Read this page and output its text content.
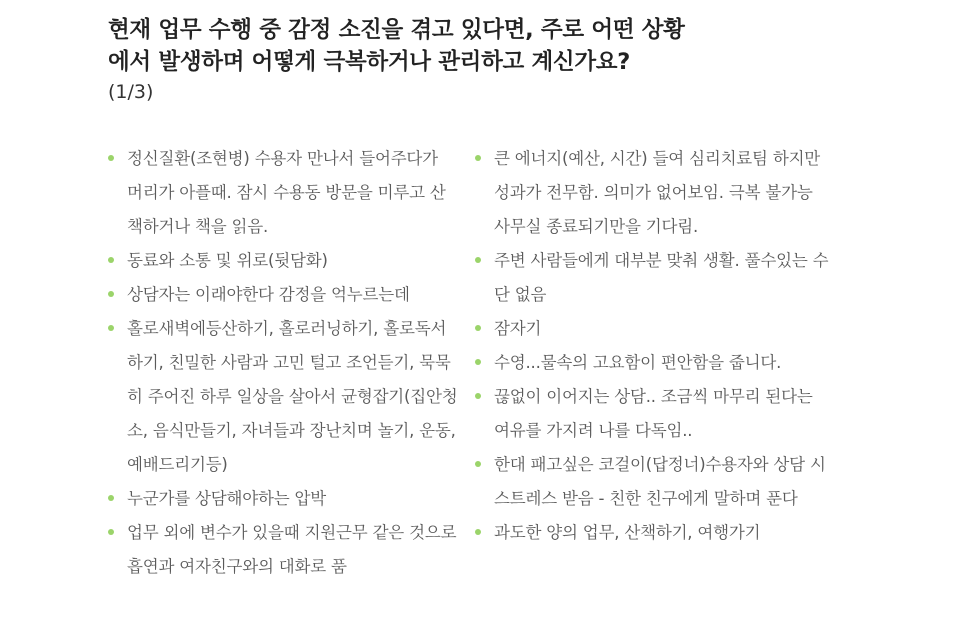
현재 업무 수행 중 감정 소진을 겪고 있다면, 주로 어떤 상황
에서 발생하며 어떻게 극복하거나 관리하고 계신가요?
(1/3)
정신질환(조현병) 수용자 만나서 들어주다가 머리가 아플때. 잠시 수용동 방문을 미루고 산책하거나 책을 읽음.
동료와 소통 및 위로(뒷담화)
상담자는 이래야한다 감정을 억누르는데
홀로새벽에등산하기, 홀로러닝하기, 홀로독서하기, 친밀한 사람과 고민 털고 조언듣기, 묵묵히 주어진 하루 일상을 살아서 균형잡기(집안청소, 음식만들기, 자녀들과 장난치며 놀기, 운동, 예배드리기등)
누군가를 상담해야하는 압박
업무 외에 변수가 있을때 지원근무 같은 것으로 흡연과 여자친구와의 대화로 품
큰 에너지(예산, 시간) 들여 심리치료팀 하지만 성과가 전무함. 의미가 없어보임. 극복 불가능 사무실 종료되기만을 기다림.
주변 사람들에게 대부분 맞춰 생활. 풀수있는 수단 없음
잠자기
수영...물속의 고요함이 편안함을 줍니다.
끊없이 이어지는 상담.. 조금씩 마무리 된다는 여유를 가지려 나를 다독임..
한대 패고싶은 코걸이(답정너)수용자와 상담 시 스트레스 받음 - 친한 친구에게 말하며 푼다
과도한 양의 업무, 산책하기, 여행가기
